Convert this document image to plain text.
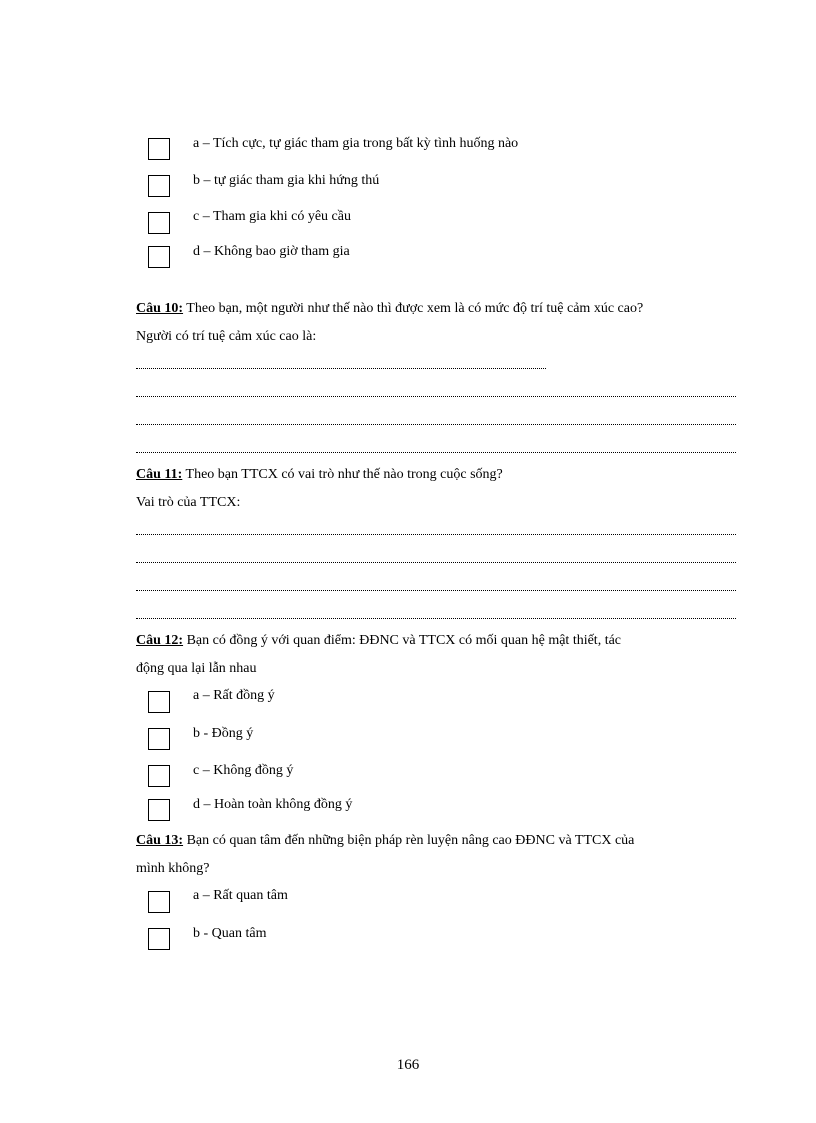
a – Tích cực, tự giác tham gia trong bất kỳ tình huống nào
b – tự giác tham gia khi hứng thú
c – Tham gia khi có yêu cầu
d – Không bao giờ tham gia
Câu 10: Theo bạn, một người như thế nào thì được xem là có mức độ trí tuệ cảm xúc cao?
Người có trí tuệ cảm xúc cao là:
Câu 11: Theo bạn TTCX có vai trò như thế nào trong cuộc sống?
Vai trò của TTCX:
Câu 12: Bạn có đồng ý với quan điểm: ĐĐNC và TTCX có mối quan hệ mật thiết, tác
động qua lại lẫn nhau
a – Rất đồng ý
b - Đồng ý
c – Không đồng ý
d – Hoàn toàn không đồng ý
Câu 13: Bạn có quan tâm đến những biện pháp rèn luyện nâng cao ĐĐNC và TTCX của
mình không?
a – Rất quan tâm
b - Quan tâm
166
